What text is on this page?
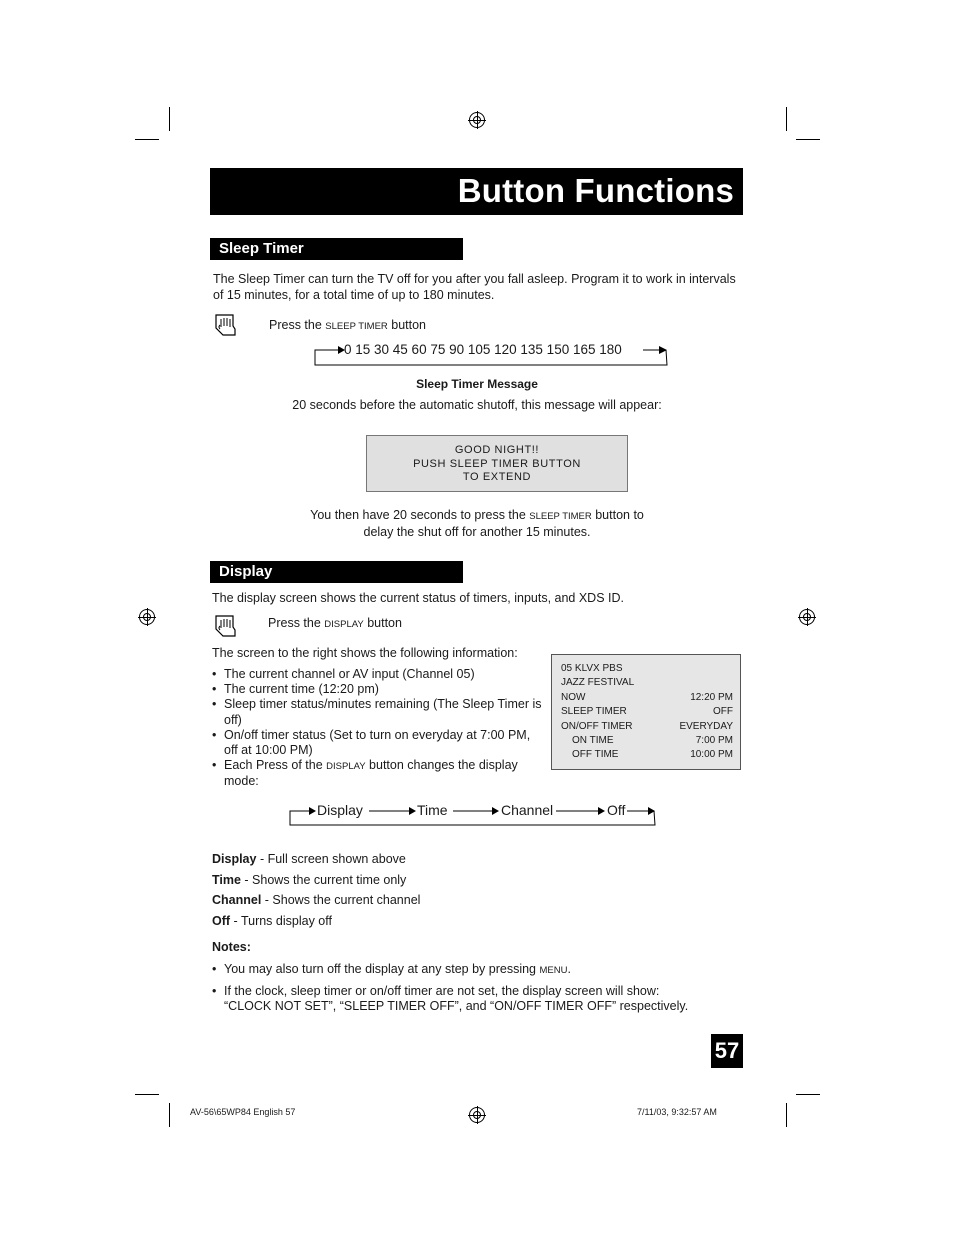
Button Functions
Sleep Timer
The Sleep Timer can turn the TV off for you after you fall asleep. Program it to work in intervals
of 15 minutes, for a total time of up to 180 minutes.
Press the SLEEP TIMER button
0 15 30 45 60 75 90 105 120 135 150 165 180
Sleep Timer Message
20 seconds before the automatic shutoff, this message will appear:
GOOD NIGHT!!
PUSH SLEEP TIMER BUTTON
TO EXTEND
You then have 20 seconds to press the SLEEP TIMER button to
delay the shut off for another 15 minutes.
Display
The display screen shows the current status of timers, inputs, and XDS ID.
Press the DISPLAY button
The screen to the right shows the following information:
• The current channel or AV input (Channel 05)
• The current time (12:20 pm)
• Sleep timer status/minutes remaining (The Sleep Timer is off)
• On/off timer status (Set to turn on everyday at 7:00 PM, off at 10:00 PM)
• Each Press of the DISPLAY button changes the display mode:
05 KLVX PBS
JAZZ FESTIVAL
NOW	12:20 PM
SLEEP TIMER	OFF
ON/OFF TIMER	EVERYDAY
ON TIME	7:00 PM
OFF TIME	10:00 PM
Display	Time	Channel	Off
Display - Full screen shown above
Time - Shows the current time only
Channel - Shows the current channel
Off - Turns display off
Notes:
• You may also turn off the display at any step by pressing MENU.
• If the clock, sleep timer or on/off timer are not set, the display screen will show:
“CLOCK NOT SET”, “SLEEP TIMER OFF”, and “ON/OFF TIMER OFF” respectively.
57
AV-56\65WP84 English 57	7/11/03, 9:32:57 AM
